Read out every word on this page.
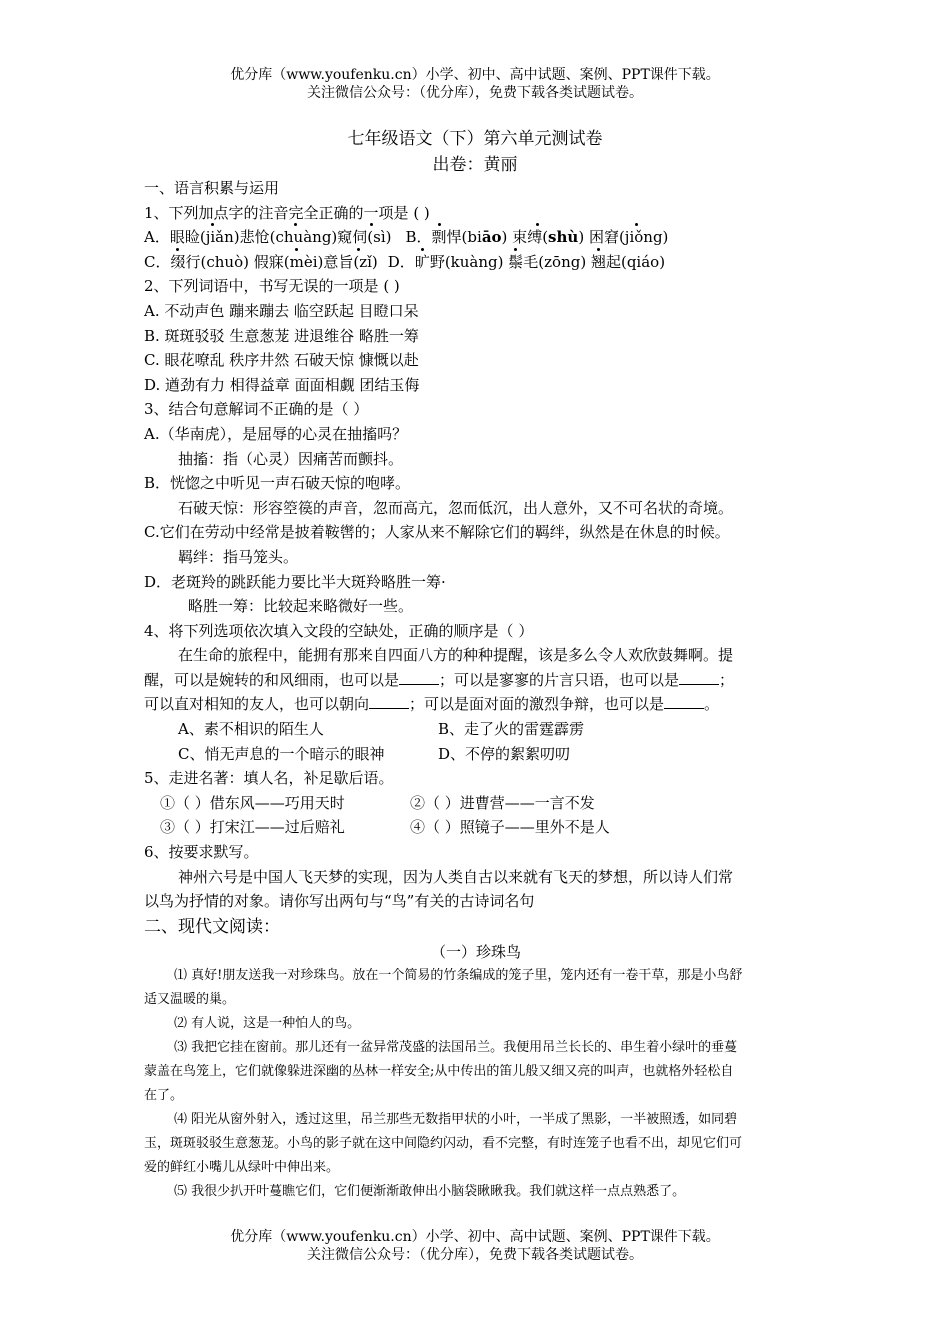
优分库（www.youfenku.cn）小学、初中、高中试题、案例、PPT课件下载。
关注微信公众号：（优分库），免费下载各类试题试卷。
七年级语文（下）第六单元测试卷
出卷：黄丽
一、语言积累与运用
1、下列加点字的注音完全正确的一项是 ( )
A．眼睑(jiǎn)悲怆(chuàng)窥伺(sì) B．剽悍(biāo) 束缚(shù) 困窘(jiǒng)
C．缀行(chuò) 假寐(mèi)意旨(zǐ) D．旷野(kuàng) 鬃毛(zōng) 翘起(qiáo)
2、下列词语中，书写无误的一项是 ( )
A. 不动声色 蹦来蹦去 临空跃起 目瞪口呆
B. 斑斑驳驳 生意葱茏 进退维谷 略胜一筹
C. 眼花嘹乱 秩序井然 石破天惊 慷慨以赴
D. 遒劲有力 相得益章 面面相觑 团结玉侮
3、结合句意解词不正确的是（ ）
A.（华南虎），是屈辱的心灵在抽搐吗？
抽搐：指（心灵）因痛苦而颤抖。
B．恍惚之中听见一声石破天惊的咆哮。
石破天惊：形容箜篌的声音，忽而高亢，忽而低沉，出人意外，又不可名状的奇境。
C.它们在劳动中经常是披着鞍辔的；人家从来不解除它们的羁绊，纵然是在休息的时候。
羁绊：指马笼头。
D．老斑羚的跳跃能力要比半大斑羚略胜一筹·
略胜一筹：比较起来略微好一些。
4、将下列选项依次填入文段的空缺处，正确的顺序是（ ）
在生命的旅程中，能拥有那来自四面八方的种种提醒，该是多么令人欢欣鼓舞啊。提
醒，可以是婉转的和风细雨，也可以是	；可以是寥寥的片言只语，也可以是	；
可以直对相知的友人，也可以朝向	；可以是面对面的激烈争辩，也可以是	。
A、素不相识的陌生人	B、走了火的雷霆霹雳
C、悄无声息的一个暗示的眼神	D、不停的絮絮叨叨
5、走进名著：填人名，补足歇后语。
①（ ）借东风——巧用天时	②（ ）进曹营——一言不发
③（ ）打宋江——过后赔礼	④（ ）照镜子——里外不是人
6、按要求默写。
神州六号是中国人飞天梦的实现，因为人类自古以来就有飞天的梦想，所以诗人们常
以鸟为抒情的对象。请你写出两句与“鸟”有关的古诗词名句
二、现代文阅读：
（一）珍珠鸟
⑴ 真好!朋友送我一对珍珠鸟。放在一个简易的竹条编成的笼子里，笼内还有一卷干草，那是小鸟舒
适又温暖的巢。
⑵ 有人说，这是一种怕人的鸟。
⑶ 我把它挂在窗前。那儿还有一盆异常茂盛的法国吊兰。我便用吊兰长长的、串生着小绿叶的垂蔓
蒙盖在鸟笼上，它们就像躲进深幽的丛林一样安全;从中传出的笛儿般又细又亮的叫声，也就格外轻松自
在了。
⑷ 阳光从窗外射入，透过这里，吊兰那些无数指甲状的小叶，一半成了黑影，一半被照透，如同碧
玉，斑斑驳驳生意葱茏。小鸟的影子就在这中间隐约闪动，看不完整，有时连笼子也看不出，却见它们可
爱的鲜红小嘴儿从绿叶中伸出来。
⑸ 我很少扒开叶蔓瞧它们，它们便渐渐敢伸出小脑袋瞅瞅我。我们就这样一点点熟悉了。
优分库（www.youfenku.cn）小学、初中、高中试题、案例、PPT课件下载。
关注微信公众号：（优分库），免费下载各类试题试卷。
